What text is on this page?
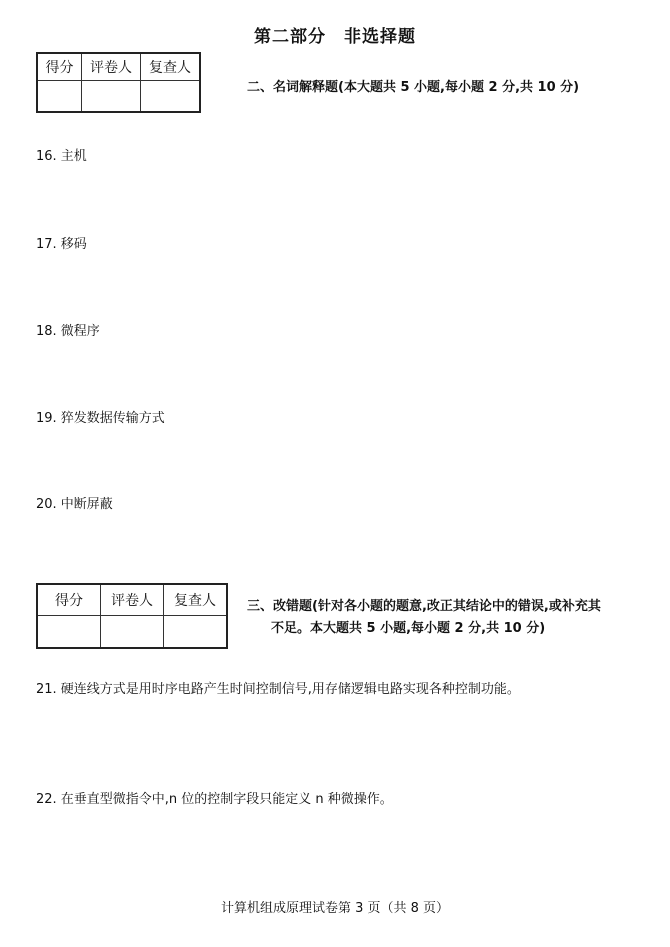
第二部分　非选择题
得分	评卷人	复查人

二、名词解释题(本大题共 5 小题,每小题 2 分,共 10 分)
16. 主机
17. 移码
18. 微程序
19. 猝发数据传输方式
20. 中断屏蔽
得分	评卷人	复查人
		三、改错题(针对各小题的题意,改正其结论中的错误,或补充其
不足。本大题共 5 小题,每小题 2 分,共 10 分)
21. 硬连线方式是用时序电路产生时间控制信号,用存储逻辑电路实现各种控制功能。
22. 在垂直型微指令中,n 位的控制字段只能定义 n 种微操作。
计算机组成原理试卷第 3 页（共 8 页）
